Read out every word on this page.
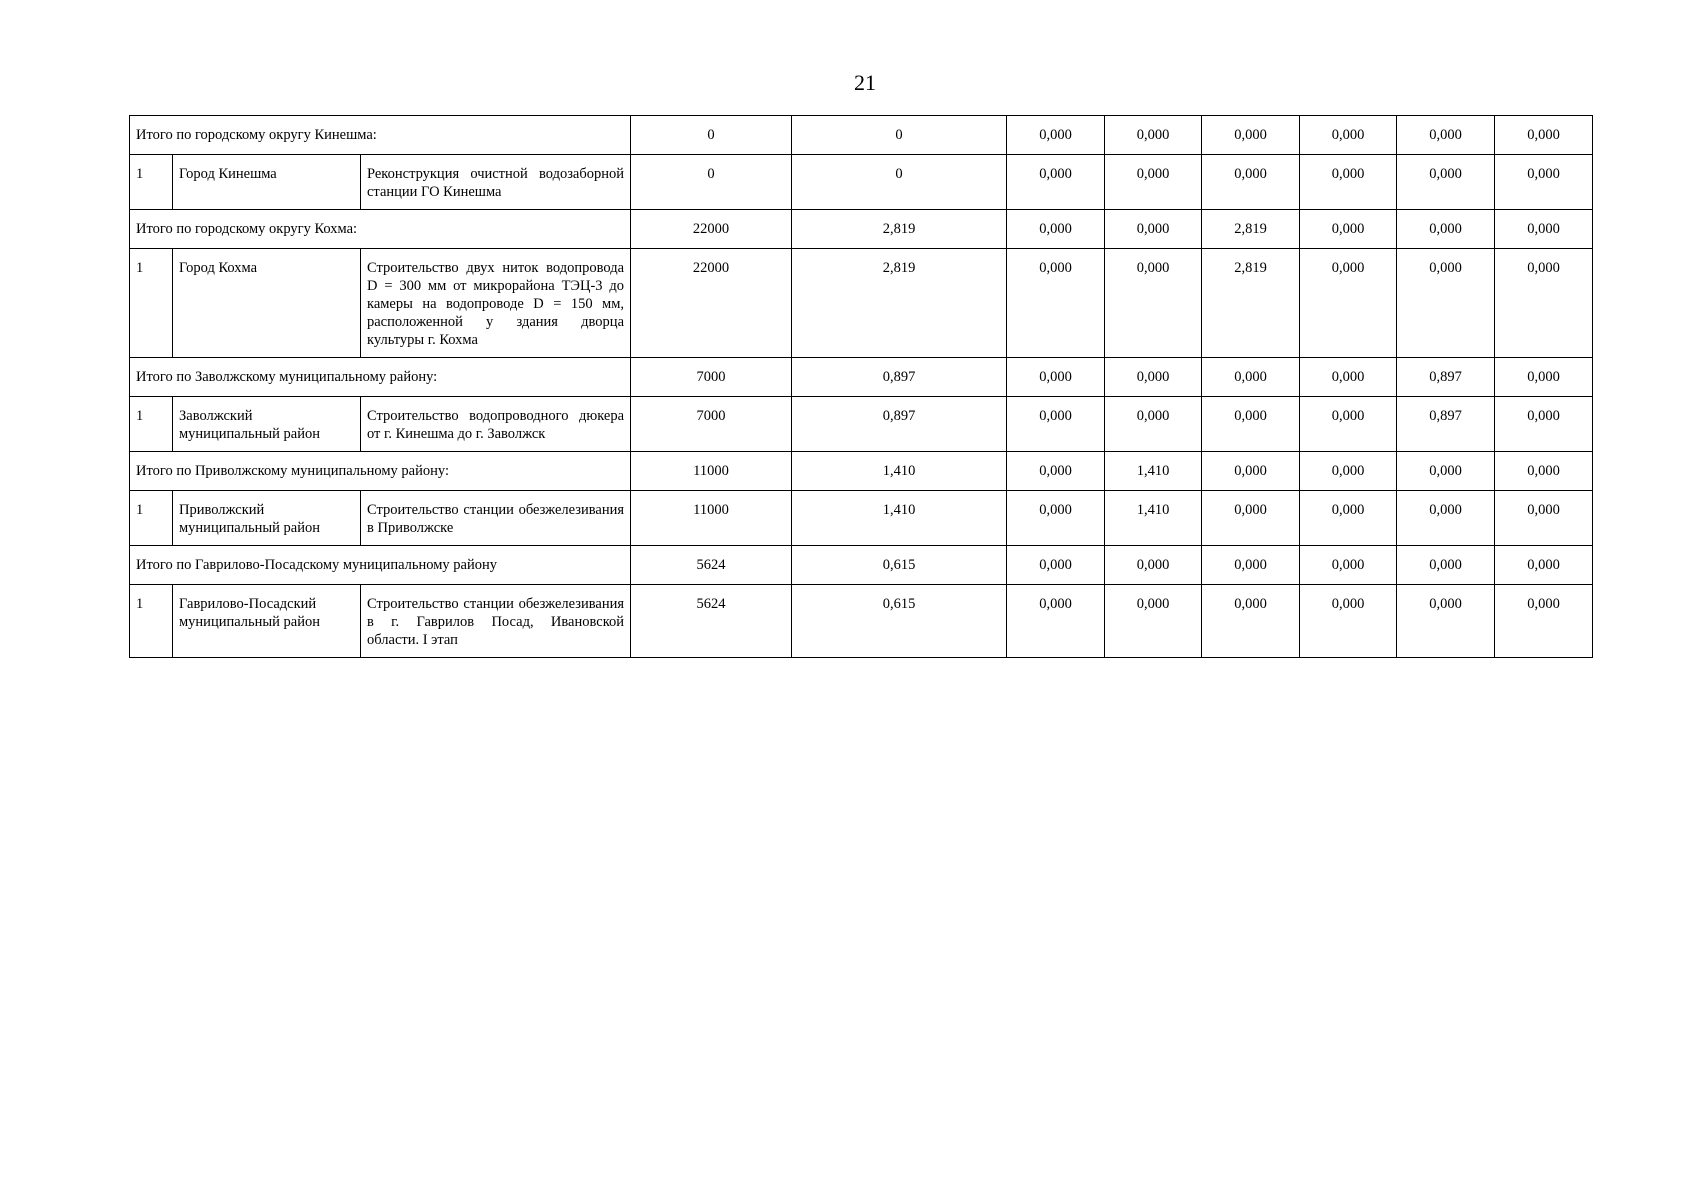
21
Итого по городскому округу Кинешма:			0	0	0,000	0,000	0,000	0,000	0,000	0,000
1	Город Кинешма	Реконструкция очистной водозаборной станции ГО Кинешма	0	0	0,000	0,000	0,000	0,000	0,000	0,000
Итого по городскому округу Кохма:			22000	2,819	0,000	0,000	2,819	0,000	0,000	0,000
1	Город Кохма	Строительство двух ниток водопровода D = 300 мм от микрорайона ТЭЦ-3 до камеры на водопроводе D = 150 мм, расположенной у здания дворца культуры г. Кохма	22000	2,819	0,000	0,000	2,819	0,000	0,000	0,000
Итого по Заволжскому муниципальному району:			7000	0,897	0,000	0,000	0,000	0,000	0,897	0,000
1	Заволжский муниципальный район	Строительство водопроводного дюкера от г. Кинешма до г. Заволжск	7000	0,897	0,000	0,000	0,000	0,000	0,897	0,000
Итого по Приволжскому муниципальному району:			11000	1,410	0,000	1,410	0,000	0,000	0,000	0,000
1	Приволжский муниципальный район	Строительство станции обезжелезивания в Приволжске	11000	1,410	0,000	1,410	0,000	0,000	0,000	0,000
Итого по Гаврилово-Посадскому муниципальному району			5624	0,615	0,000	0,000	0,000	0,000	0,000	0,000
1	Гаврилово-Посадский муниципальный район	Строительство станции обезжелезивания в г. Гаврилов Посад, Ивановской области. I этап	5624	0,615	0,000	0,000	0,000	0,000	0,000	0,000
